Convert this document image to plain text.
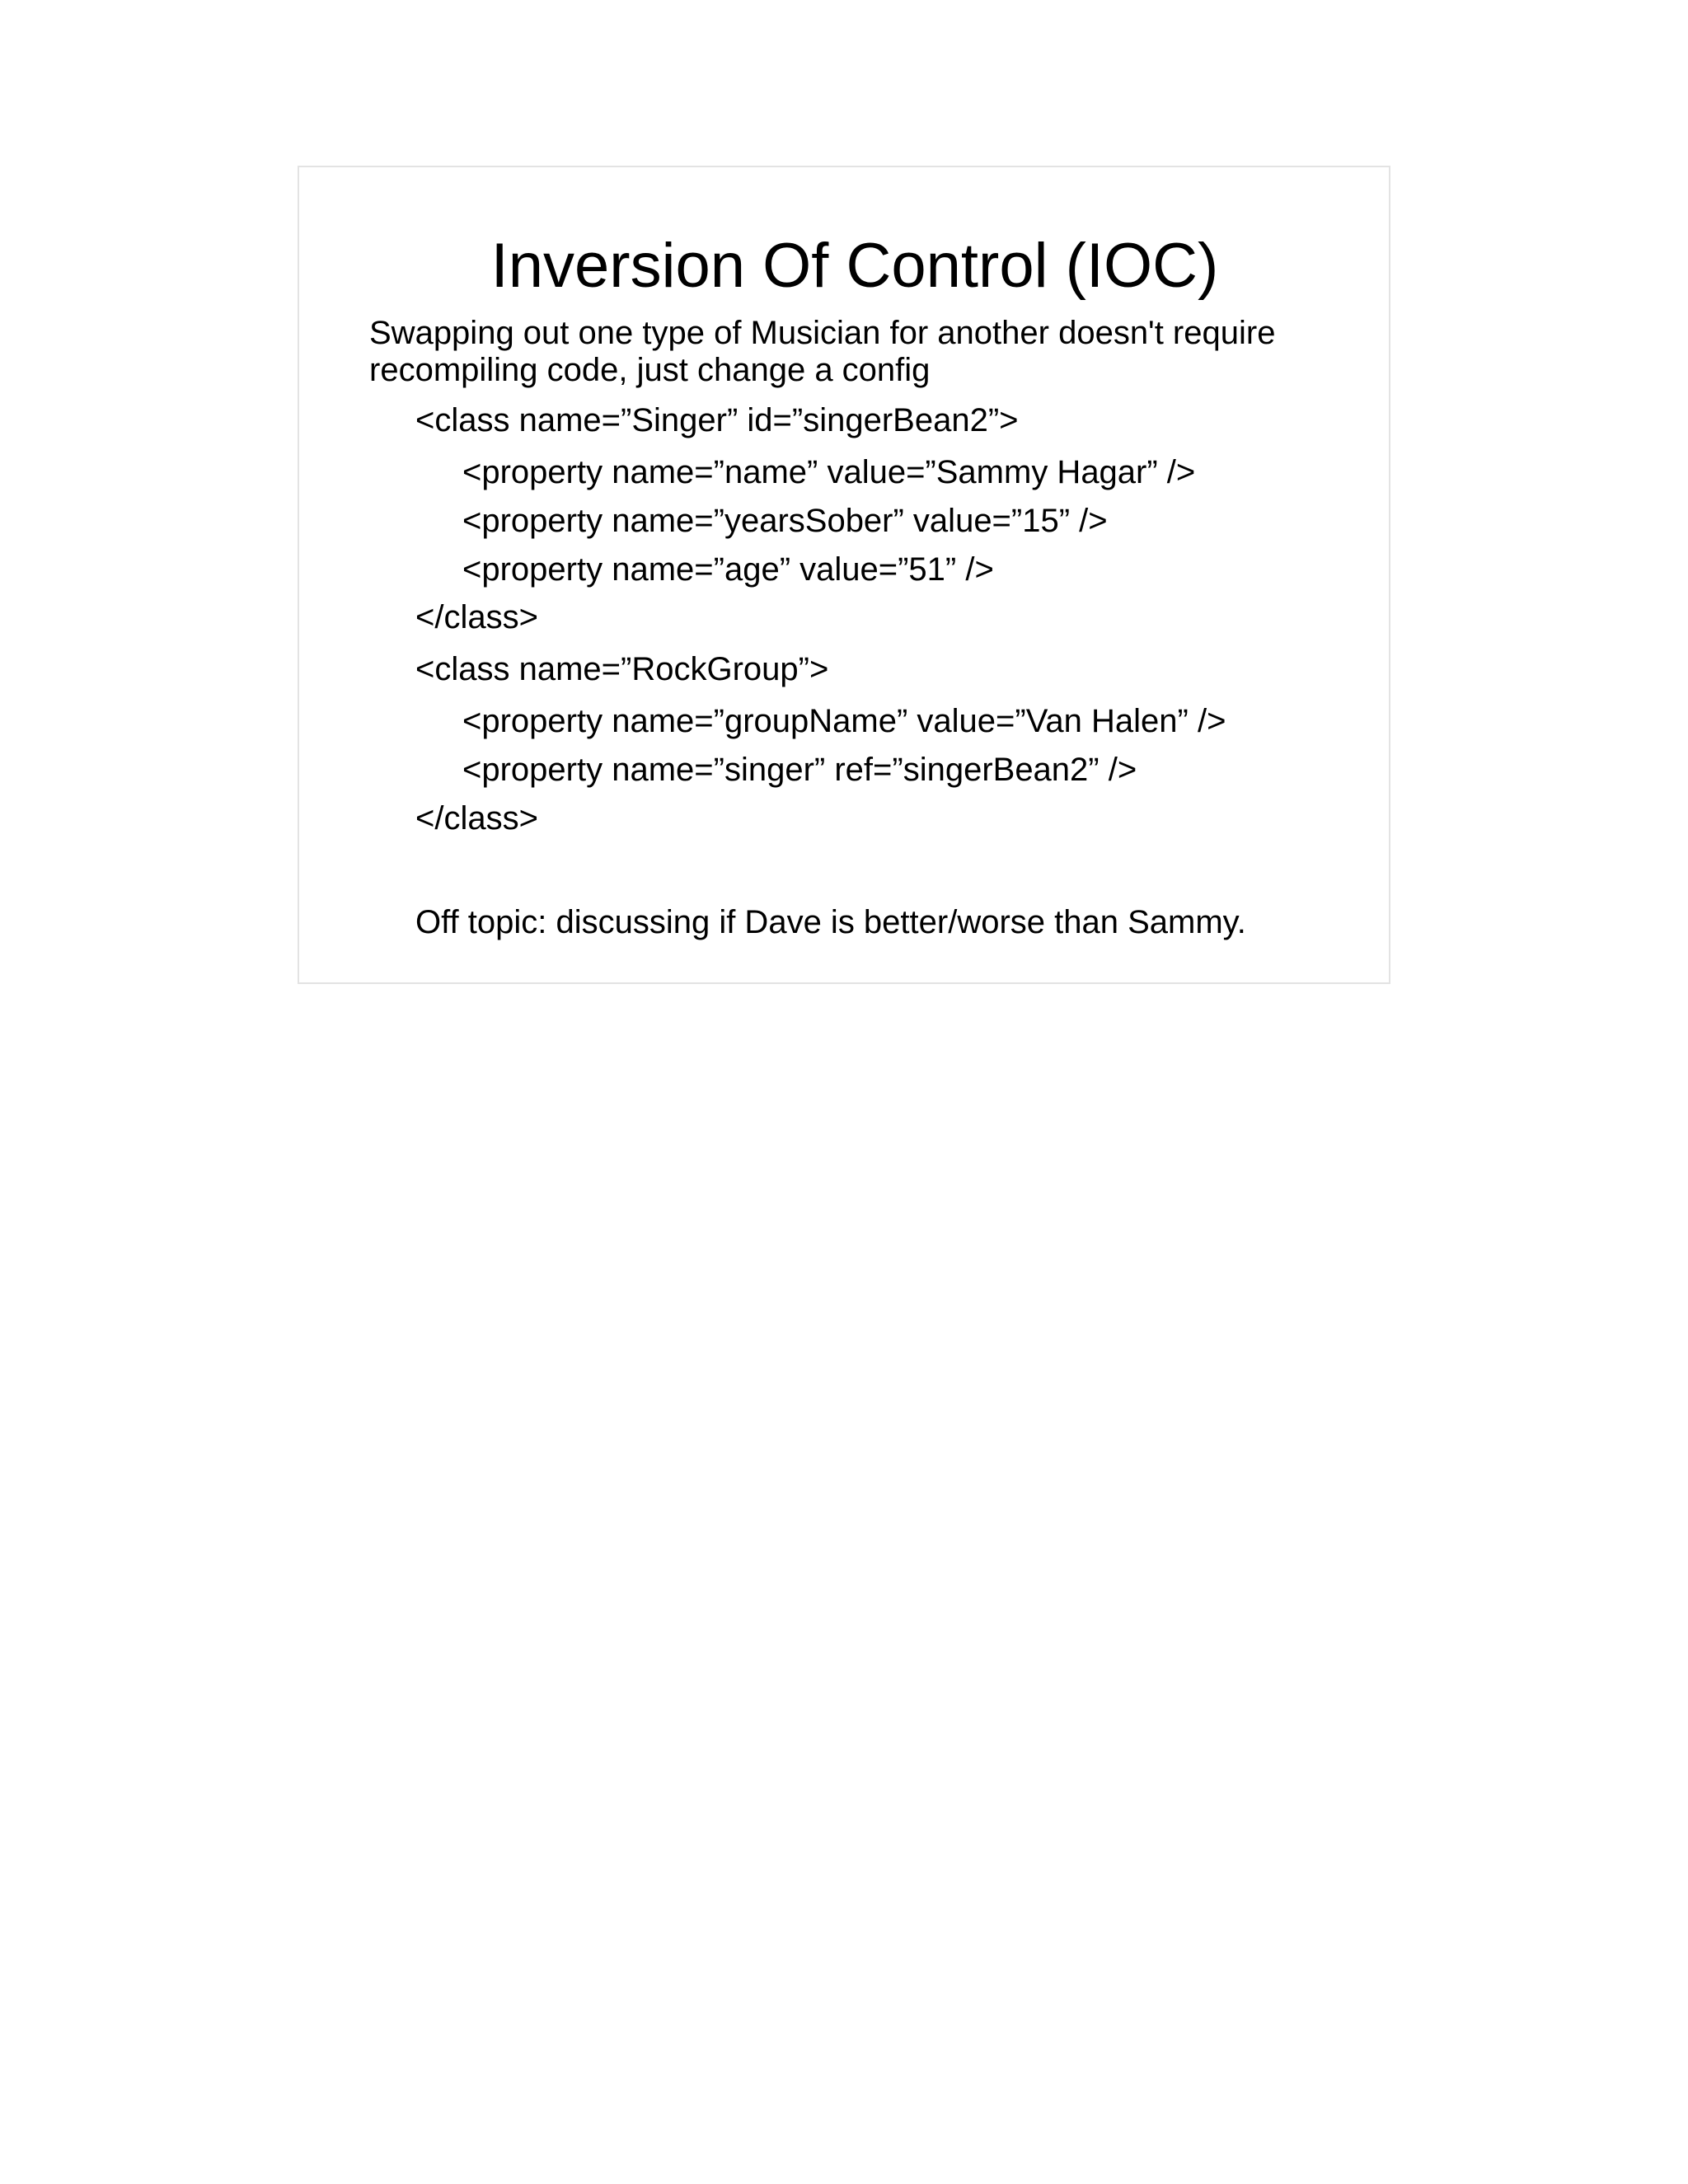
Inversion Of Control (IOC)

Swapping out one type of Musician for another doesn't require recompiling code, just change a config

<class name=”Singer” id=”singerBean2”>

<property name=”name” value=”Sammy Hagar” />

<property name=”yearsSober” value=”15” />

<property name=”age” value=”51” />

</class>

<class name=”RockGroup”>

<property name=”groupName” value=”Van Halen” />

<property name=”singer” ref=”singerBean2” />

</class>

Off topic: discussing if Dave is better/worse than Sammy.
